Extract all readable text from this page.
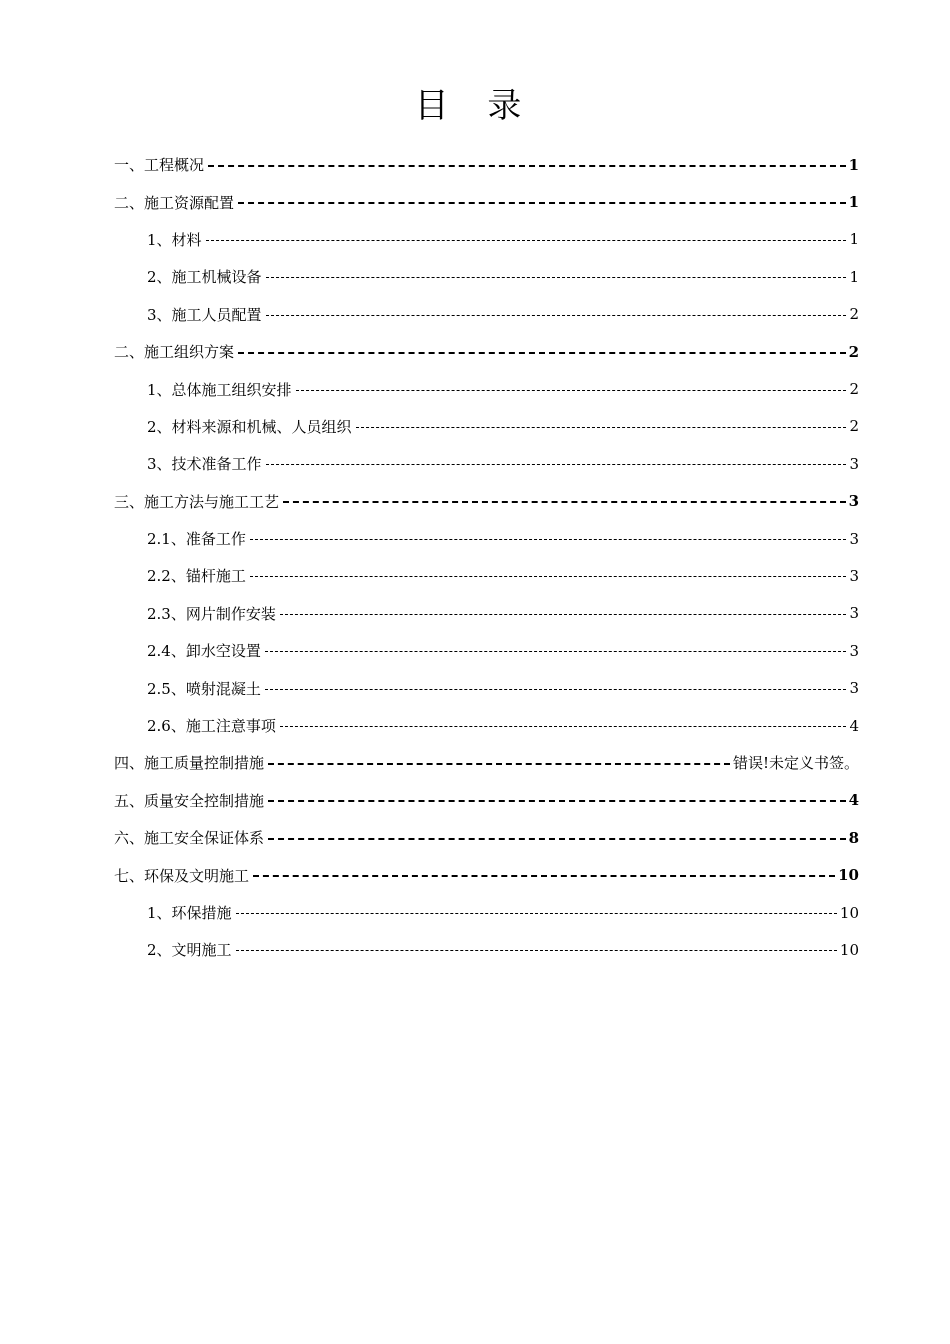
目 录
一、工程概况	1
二、施工资源配置	1
1、材料	1
2、施工机械设备	1
3、施工人员配置	2
二、施工组织方案	2
1、总体施工组织安排	2
2、材料来源和机械、人员组织	2
3、技术准备工作	3
三、施工方法与施工工艺	3
2.1、准备工作	3
2.2、锚杆施工	3
2.3、网片制作安装	3
2.4、卸水空设置	3
2.5、喷射混凝土	3
2.6、施工注意事项	4
四、施工质量控制措施	错误!未定义书签。
五、质量安全控制措施	4
六、施工安全保证体系	8
七、环保及文明施工	10
1、环保措施	10
2、文明施工	10
